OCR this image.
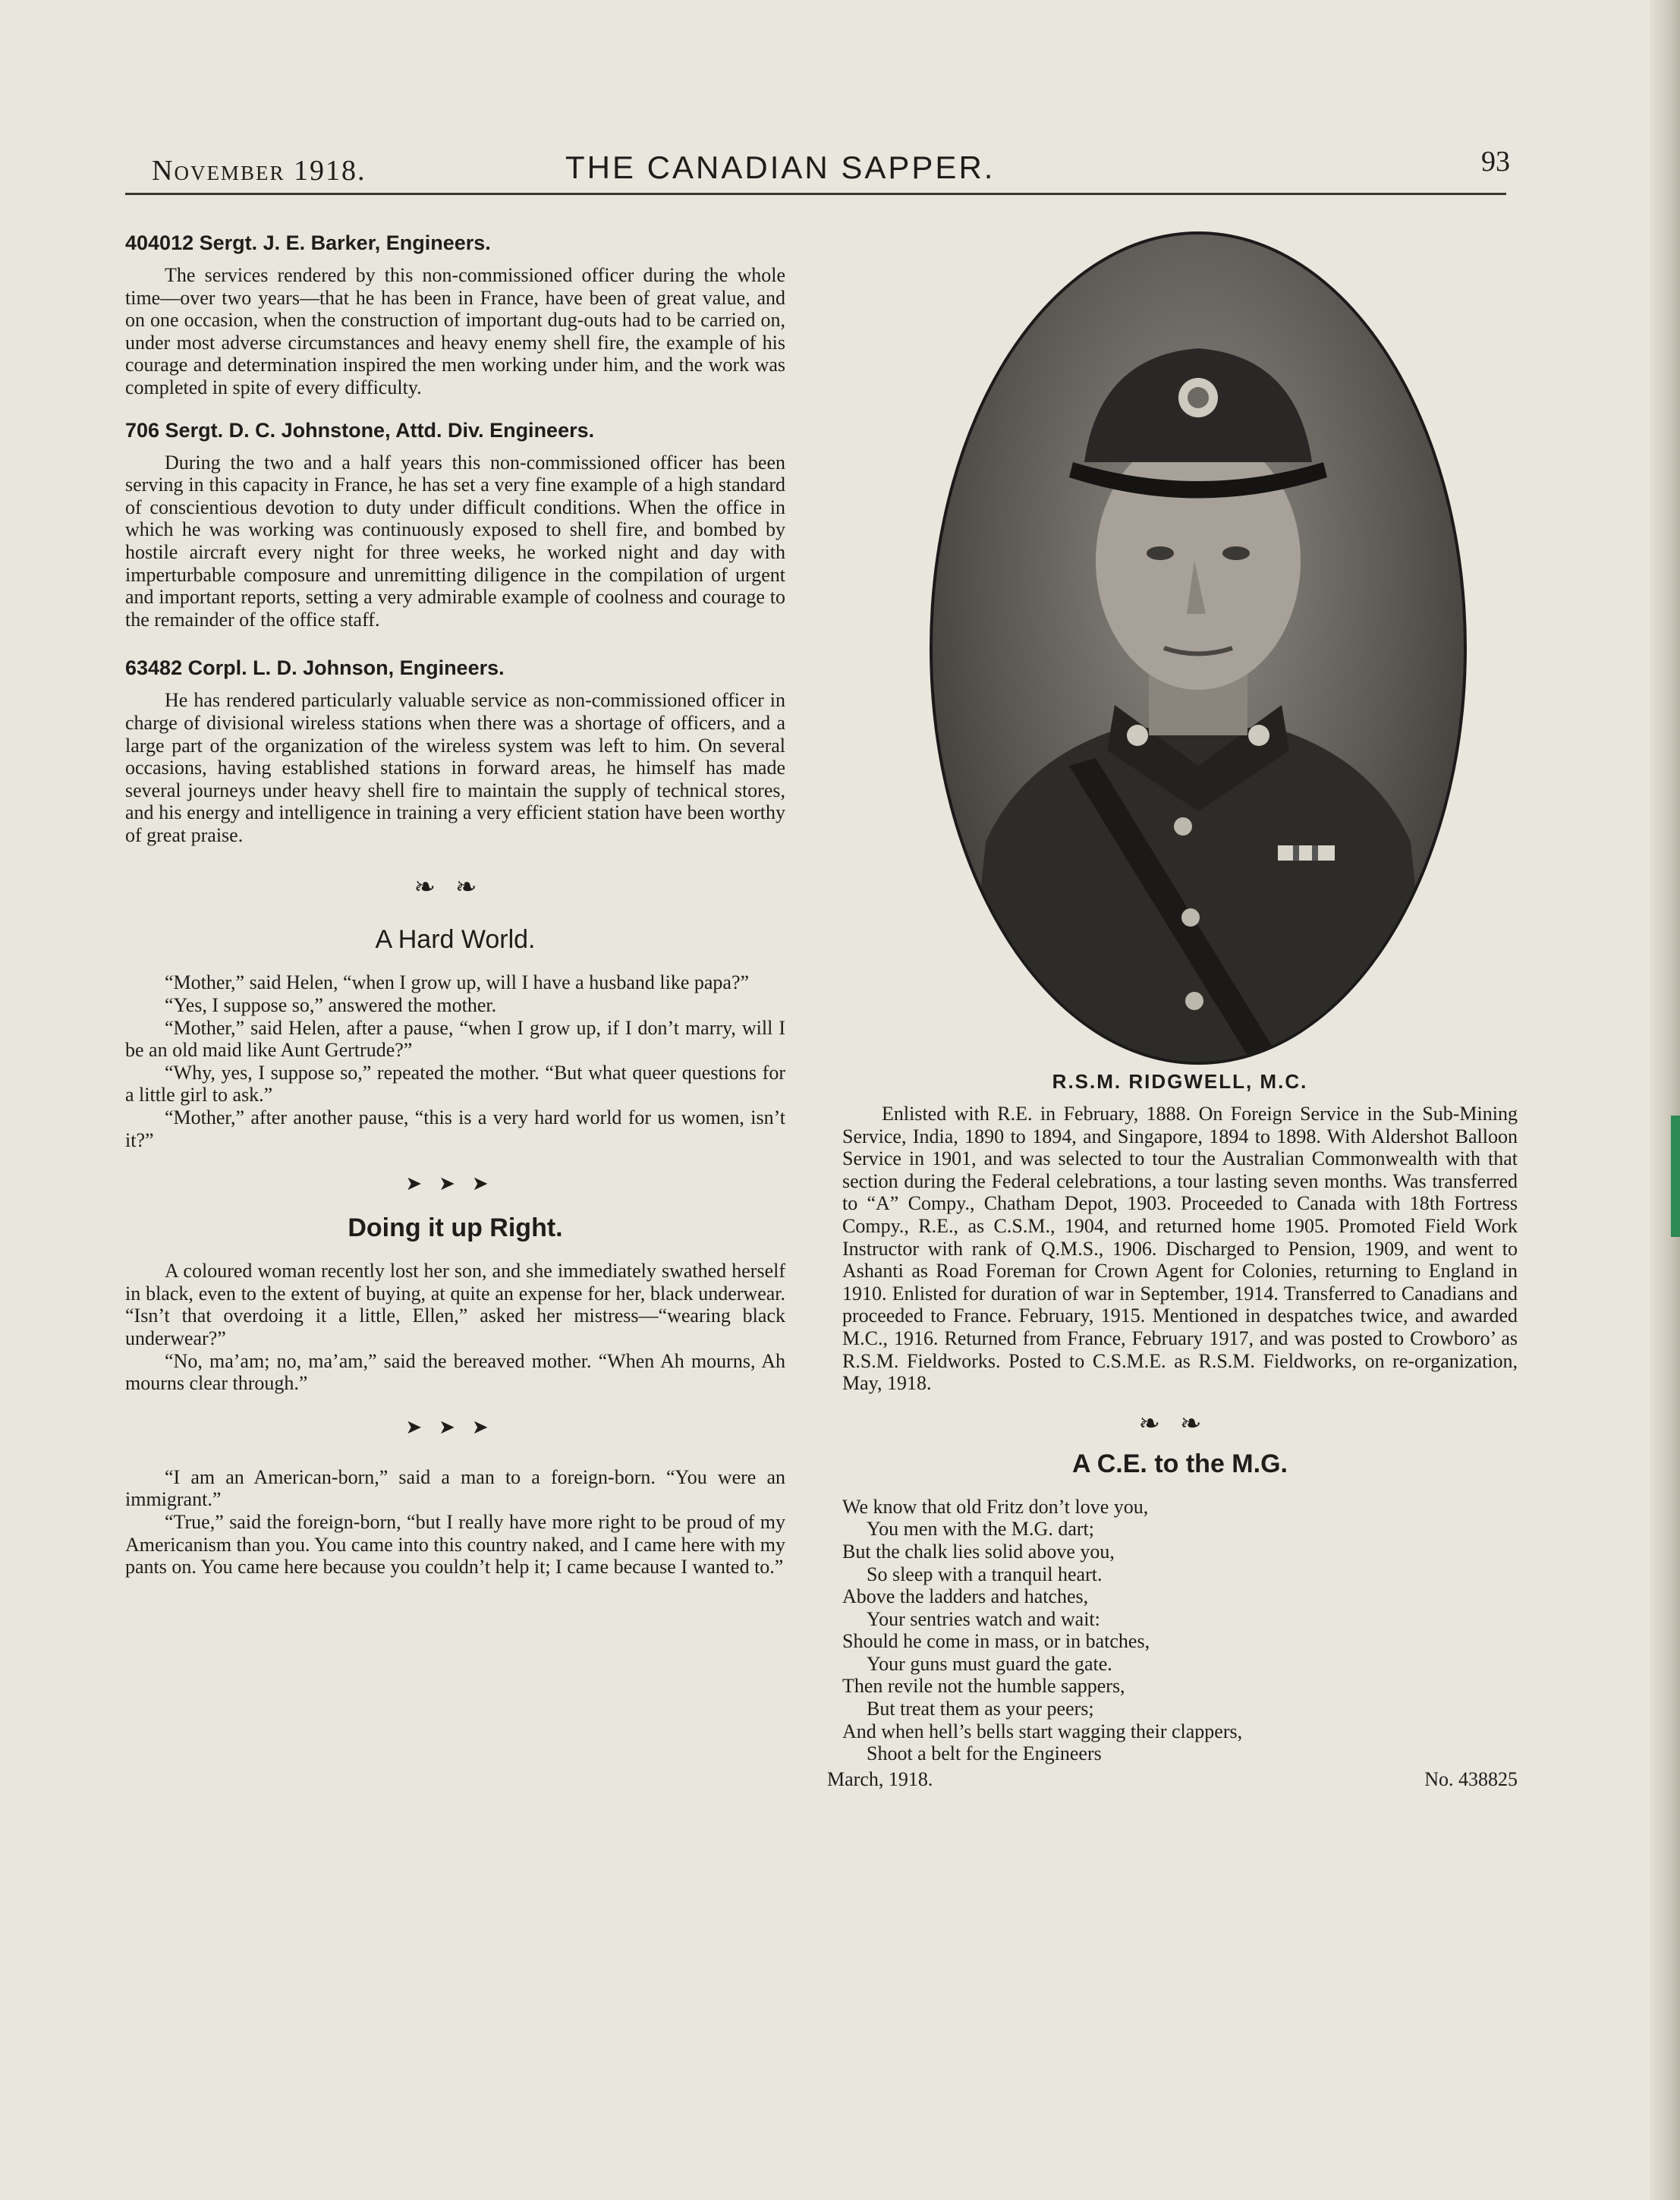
November 1918.	THE CANADIAN SAPPER.	93
404012 Sergt. J. E. Barker, Engineers.

The services rendered by this non-commissioned officer during the whole time—over two years—that he has been in France, have been of great value, and on one occasion, when the construction of important dug-outs had to be carried on, under most adverse circumstances and heavy enemy shell fire, the example of his courage and determination inspired the men working under him, and the work was completed in spite of every difficulty.

706 Sergt. D. C. Johnstone, Attd. Div. Engineers.

During the two and a half years this non-commissioned officer has been serving in this capacity in France, he has set a very fine example of a high standard of conscientious devotion to duty under difficult conditions. When the office in which he was working was continuously exposed to shell fire, and bombed by hostile aircraft every night for three weeks, he worked night and day with imperturbable composure and unremitting diligence in the compilation of urgent and important reports, setting a very admirable example of coolness and courage to the remainder of the office staff.

63482 Corpl. L. D. Johnson, Engineers.

He has rendered particularly valuable service as non-commissioned officer in charge of divisional wireless stations when there was a shortage of officers, and a large part of the organization of the wireless system was left to him. On several occasions, having established stations in forward areas, he himself has made several journeys under heavy shell fire to maintain the supply of technical stores, and his energy and intelligence in training a very efficient station have been worthy of great praise.

❧❧
A Hard World.

“Mother,” said Helen, “when I grow up, will I have a husband like papa?”

“Yes, I suppose so,” answered the mother.

“Mother,” said Helen, after a pause, “when I grow up, if I don’t marry, will I be an old maid like Aunt Gertrude?”

“Why, yes, I suppose so,” repeated the mother. “But what queer questions for a little girl to ask.”

“Mother,” after another pause, “this is a very hard world for us women, isn’t it?”

➤➤➤
Doing it up Right.

A coloured woman recently lost her son, and she immediately swathed herself in black, even to the extent of buying, at quite an expense for her, black underwear. “Isn’t that overdoing it a little, Ellen,” asked her mistress—“wearing black underwear?”

“No, ma’am; no, ma’am,” said the bereaved mother. “When Ah mourns, Ah mourns clear through.”

➤➤➤

“I am an American-born,” said a man to a foreign-born. “You were an immigrant.”

“True,” said the foreign-born, “but I really have more right to be proud of my Americanism than you. You came into this country naked, and I came here with my pants on. You came here because you couldn’t help it; I came because I wanted to.”

R.S.M. RIDGWELL, M.C.

Enlisted with R.E. in February, 1888. On Foreign Service in the Sub-Mining Service, India, 1890 to 1894, and Singapore, 1894 to 1898. With Aldershot Balloon Service in 1901, and was selected to tour the Australian Commonwealth with that section during the Federal celebrations, a tour lasting seven months. Was transferred to “A” Compy., Chatham Depot, 1903. Proceeded to Canada with 18th Fortress Compy., R.E., as C.S.M., 1904, and returned home 1905. Promoted Field Work Instructor with rank of Q.M.S., 1906. Discharged to Pension, 1909, and went to Ashanti as Road Foreman for Crown Agent for Colonies, returning to England in 1910. Enlisted for duration of war in September, 1914. Transferred to Canadians and proceeded to France. February, 1915. Mentioned in despatches twice, and awarded M.C., 1916. Returned from France, February 1917, and was posted to Crowboro’ as R.S.M. Fieldworks. Posted to C.S.M.E. as R.S.M. Fieldworks, on re-organization, May, 1918.

❧❧
A C.E. to the M.G.
We know that old Fritz don’t love you,
You men with the M.G. dart;
But the chalk lies solid above you,
So sleep with a tranquil heart.
Above the ladders and hatches,
Your sentries watch and wait:
Should he come in mass, or in batches,
Your guns must guard the gate.
Then revile not the humble sappers,
But treat them as your peers;
And when hell’s bells start wagging their clappers,
Shoot a belt for the Engineers
March, 1918.	No. 438825
